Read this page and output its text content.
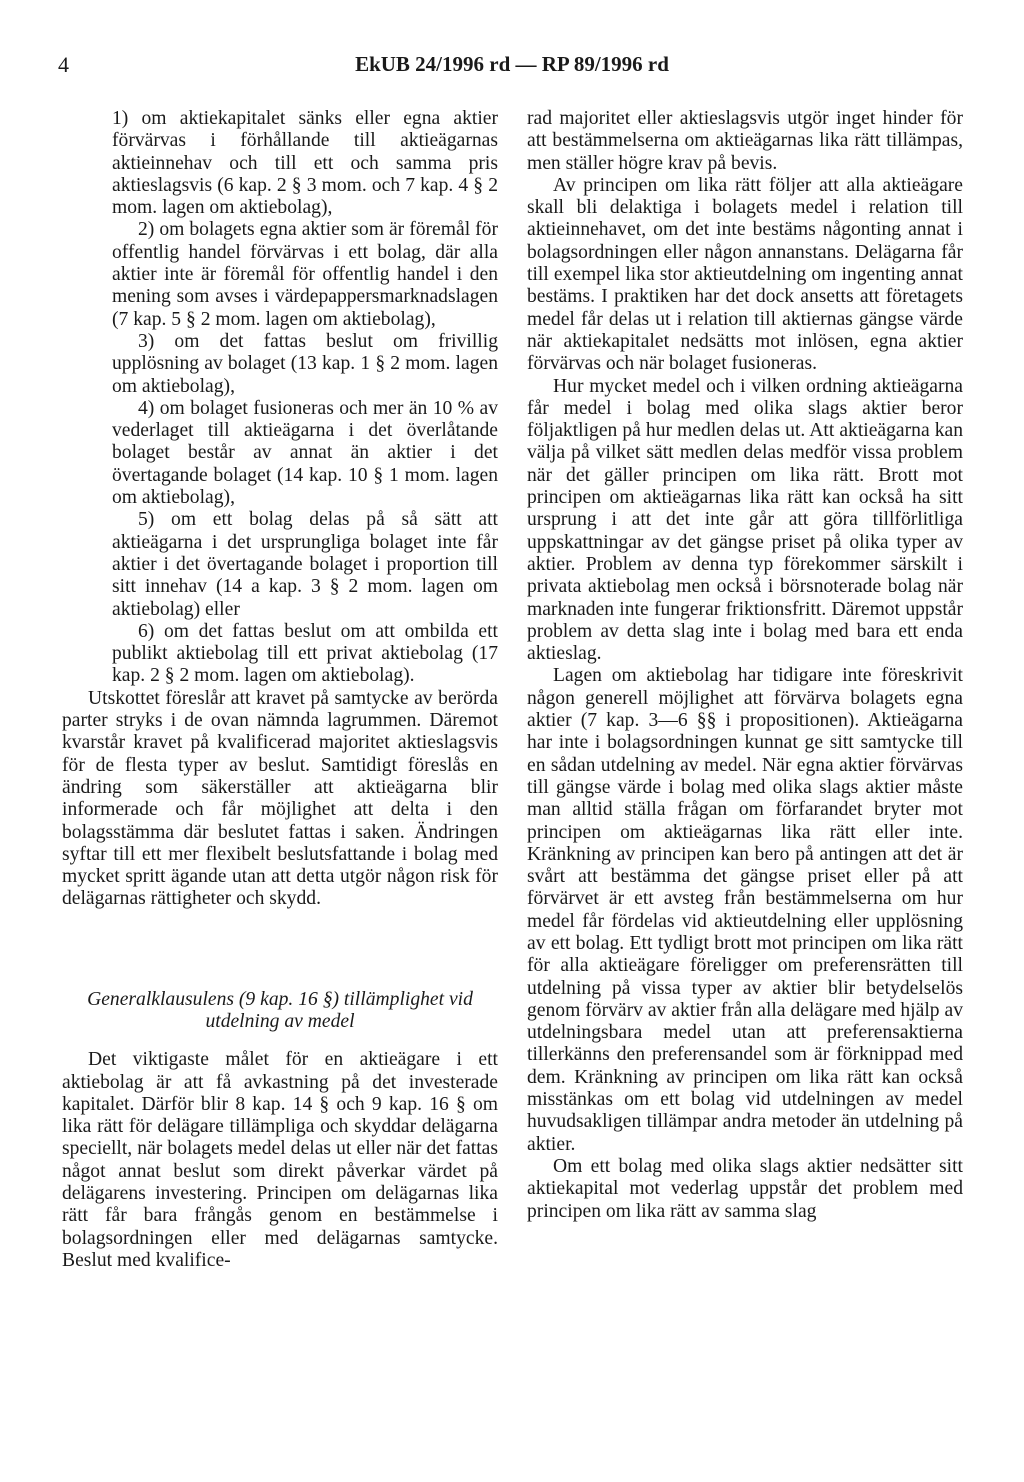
4	EkUB 24/1996 rd — RP 89/1996 rd

1) om aktiekapitalet sänks eller egna aktier förvärvas i förhållande till aktieägarnas aktieinnehav och till ett och samma pris aktieslagsvis (6 kap. 2 § 3 mom. och 7 kap. 4 § 2 mom. lagen om aktiebolag),

2) om bolagets egna aktier som är föremål för offentlig handel förvärvas i ett bolag, där alla aktier inte är föremål för offentlig handel i den mening som avses i värdepappersmarknadslagen (7 kap. 5 § 2 mom. lagen om aktiebolag),

3) om det fattas beslut om frivillig upplösning av bolaget (13 kap. 1 § 2 mom. lagen om aktiebolag),

4) om bolaget fusioneras och mer än 10 % av vederlaget till aktieägarna i det överlåtande bolaget består av annat än aktier i det övertagande bolaget (14 kap. 10 § 1 mom. lagen om aktiebolag),

5) om ett bolag delas på så sätt att aktieägarna i det ursprungliga bolaget inte får aktier i det övertagande bolaget i proportion till sitt innehav (14 a kap. 3 § 2 mom. lagen om aktiebolag) eller

6) om det fattas beslut om att ombilda ett publikt aktiebolag till ett privat aktiebolag (17 kap. 2 § 2 mom. lagen om aktiebolag).

Utskottet föreslår att kravet på samtycke av berörda parter stryks i de ovan nämnda lagrummen. Däremot kvarstår kravet på kvalificerad majoritet aktieslagsvis för de flesta typer av beslut. Samtidigt föreslås en ändring som säkerställer att aktieägarna blir informerade och får möjlighet att delta i den bolagsstämma där beslutet fattas i saken. Ändringen syftar till ett mer flexibelt beslutsfattande i bolag med mycket spritt ägande utan att detta utgör någon risk för delägarnas rättigheter och skydd.

Generalklausulens (9 kap. 16 §) tillämplighet vid utdelning av medel

Det viktigaste målet för en aktieägare i ett aktiebolag är att få avkastning på det investerade kapitalet. Därför blir 8 kap. 14 § och 9 kap. 16 § om lika rätt för delägare tillämpliga och skyddar delägarna speciellt, när bolagets medel delas ut eller när det fattas något annat beslut som direkt påverkar värdet på delägarens investering. Principen om delägarnas lika rätt får bara frångås genom en bestämmelse i bolagsordningen eller med delägarnas samtycke. Beslut med kvalifice-

rad majoritet eller aktieslagsvis utgör inget hinder för att bestämmelserna om aktieägarnas lika rätt tillämpas, men ställer högre krav på bevis.

Av principen om lika rätt följer att alla aktieägare skall bli delaktiga i bolagets medel i relation till aktieinnehavet, om det inte bestäms någonting annat i bolagsordningen eller någon annanstans. Delägarna får till exempel lika stor aktieutdelning om ingenting annat bestäms. I praktiken har det dock ansetts att företagets medel får delas ut i relation till aktiernas gängse värde när aktiekapitalet nedsätts mot inlösen, egna aktier förvärvas och när bolaget fusioneras.

Hur mycket medel och i vilken ordning aktieägarna får medel i bolag med olika slags aktier beror följaktligen på hur medlen delas ut. Att aktieägarna kan välja på vilket sätt medlen delas medför vissa problem när det gäller principen om lika rätt. Brott mot principen om aktieägarnas lika rätt kan också ha sitt ursprung i att det inte går att göra tillförlitliga uppskattningar av det gängse priset på olika typer av aktier. Problem av denna typ förekommer särskilt i privata aktiebolag men också i börsnoterade bolag när marknaden inte fungerar friktionsfritt. Däremot uppstår problem av detta slag inte i bolag med bara ett enda aktieslag.

Lagen om aktiebolag har tidigare inte föreskrivit någon generell möjlighet att förvärva bolagets egna aktier (7 kap. 3—6 §§ i propositionen). Aktieägarna har inte i bolagsordningen kunnat ge sitt samtycke till en sådan utdelning av medel. När egna aktier förvärvas till gängse värde i bolag med olika slags aktier måste man alltid ställa frågan om förfarandet bryter mot principen om aktieägarnas lika rätt eller inte. Kränkning av principen kan bero på antingen att det är svårt att bestämma det gängse priset eller på att förvärvet är ett avsteg från bestämmelserna om hur medel får fördelas vid aktieutdelning eller upplösning av ett bolag. Ett tydligt brott mot principen om lika rätt för alla aktieägare föreligger om preferensrätten till utdelning på vissa typer av aktier blir betydelselös genom förvärv av aktier från alla delägare med hjälp av utdelningsbara medel utan att preferensaktierna tillerkänns den preferensandel som är förknippad med dem. Kränkning av principen om lika rätt kan också misstänkas om ett bolag vid utdelningen av medel huvudsakligen tillämpar andra metoder än utdelning på aktier.

Om ett bolag med olika slags aktier nedsätter sitt aktiekapital mot vederlag uppstår det problem med principen om lika rätt av samma slag
